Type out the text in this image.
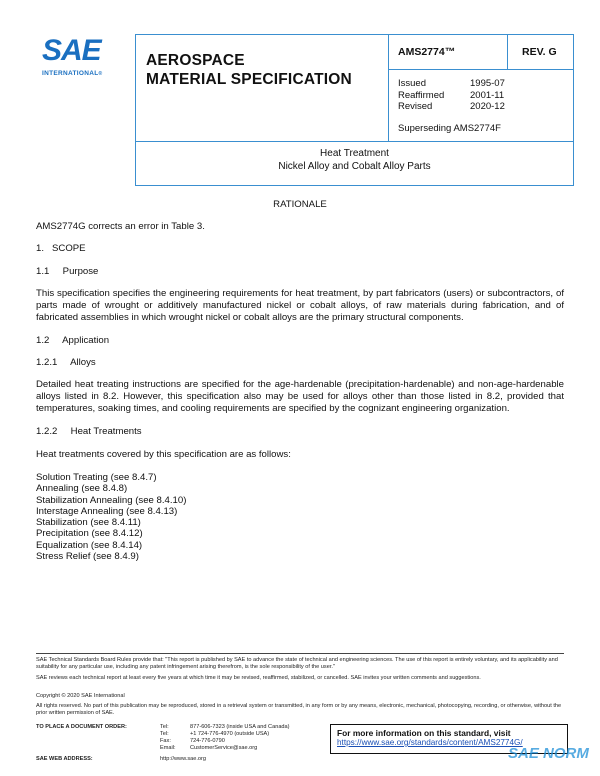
SAE
INTERNATIONAL®
AEROSPACE
MATERIAL SPECIFICATION
AMS2774™	REV. G
Issued	1995-07
Reaffirmed	2001-11
Revised	2020-12
Superseding AMS2774F
Heat Treatment
Nickel Alloy and Cobalt Alloy Parts
RATIONALE
AMS2774G corrects an error in Table 3.
1.   SCOPE
1.1     Purpose
This specification specifies the engineering requirements for heat treatment, by part fabricators (users) or subcontractors, of parts made of wrought or additively manufactured nickel or cobalt alloys, of raw materials during fabrication, and of fabricated assemblies in which wrought nickel or cobalt alloys are the primary structural components.
1.2     Application
1.2.1     Alloys
Detailed heat treating instructions are specified for the age-hardenable (precipitation-hardenable) and non-age-hardenable alloys listed in 8.2. However, this specification also may be used for alloys other than those listed in 8.2, provided that temperatures, soaking times, and cooling requirements are specified by the cognizant engineering organization.
1.2.2     Heat Treatments
Heat treatments covered by this specification are as follows:
Solution Treating (see 8.4.7)
Annealing (see 8.4.8)
Stabilization Annealing (see 8.4.10)
Interstage Annealing (see 8.4.13)
Stabilization (see 8.4.11)
Precipitation (see 8.4.12)
Equalization (see 8.4.14)
Stress Relief (see 8.4.9)
SAE Technical Standards Board Rules provide that: "This report is published by SAE to advance the state of technical and engineering sciences. The use of this report is entirely voluntary, and its applicability and suitability for any particular use, including any patent infringement arising therefrom, is the sole responsibility of the user."
SAE reviews each technical report at least every five years at which time it may be revised, reaffirmed, stabilized, or cancelled. SAE invites your written comments and suggestions.
Copyright © 2020 SAE International
All rights reserved. No part of this publication may be reproduced, stored in a retrieval system or transmitted, in any form or by any means, electronic, mechanical, photocopying, recording, or otherwise, without the prior written permission of SAE.
TO PLACE A DOCUMENT ORDER:	Tel:	877-606-7323 (inside USA and Canada)
Tel:	+1 724-776-4970 (outside USA)
Fax:	724-776-0790
Email:	CustomerService@sae.org
SAE WEB ADDRESS:	http://www.sae.org
For more information on this standard, visit
https://www.sae.org/standards/content/AMS2774G/
SAE NORM
